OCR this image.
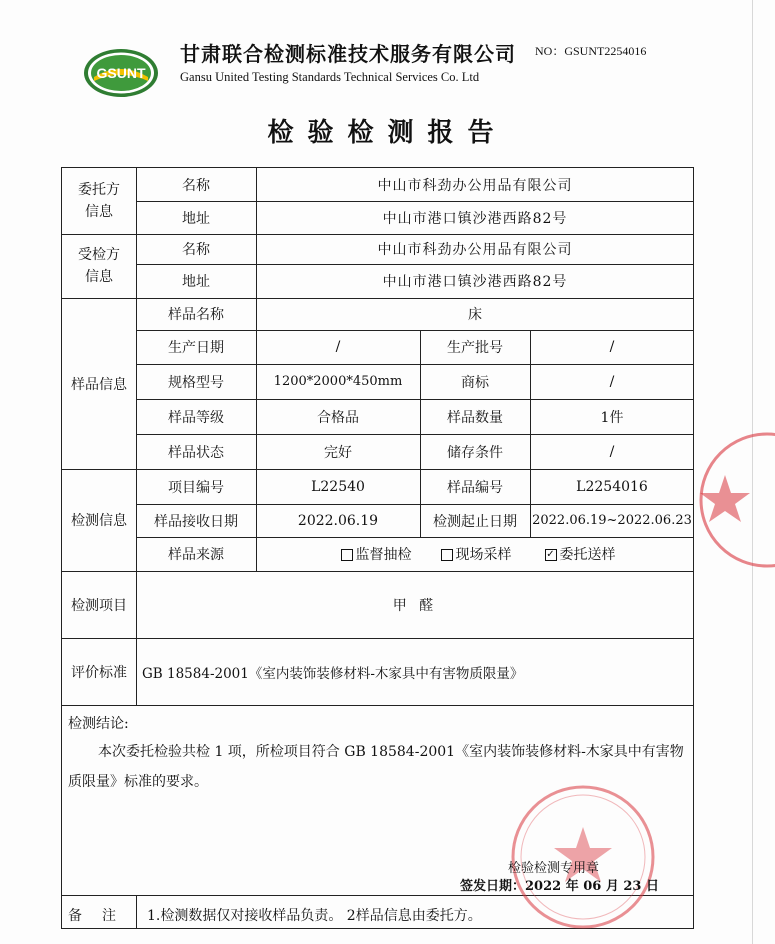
GSUNT
甘肃联合检测标准技术服务有限公司
Gansu United Testing Standards Technical Services Co. Ltd
NO：GSUNT2254016
检验检测报告
委托方信息
名称	中山市科劲办公用品有限公司
地址	中山市港口镇沙港西路82号
受检方信息
名称	中山市科劲办公用品有限公司
地址	中山市港口镇沙港西路82号
样品信息
样品名称	床
生产日期	/	生产批号	/
规格型号	1200*2000*450mm	商标	/
样品等级	合格品	样品数量	1件
样品状态	完好	储存条件	/
检测信息
项目编号	L22540	样品编号	L2254016
样品接收日期	2022.06.19	检测起止日期	2022.06.19~2022.06.23
样品来源	监督抽检	现场采样	✓ 委托送样
检测项目	甲 醛
评价标准	GB 18584-2001《室内装饰装修材料-木家具中有害物质限量》
检测结论:
本次委托检验共检 1 项，所检项目符合 GB 18584-2001《室内装饰装修材料-木家具中有害物质限量》标准的要求。
检验检测专用章
签发日期：2022 年 06 月 23 日
备注 1.检测数据仅对接收样品负责。 2样品信息由委托方。
